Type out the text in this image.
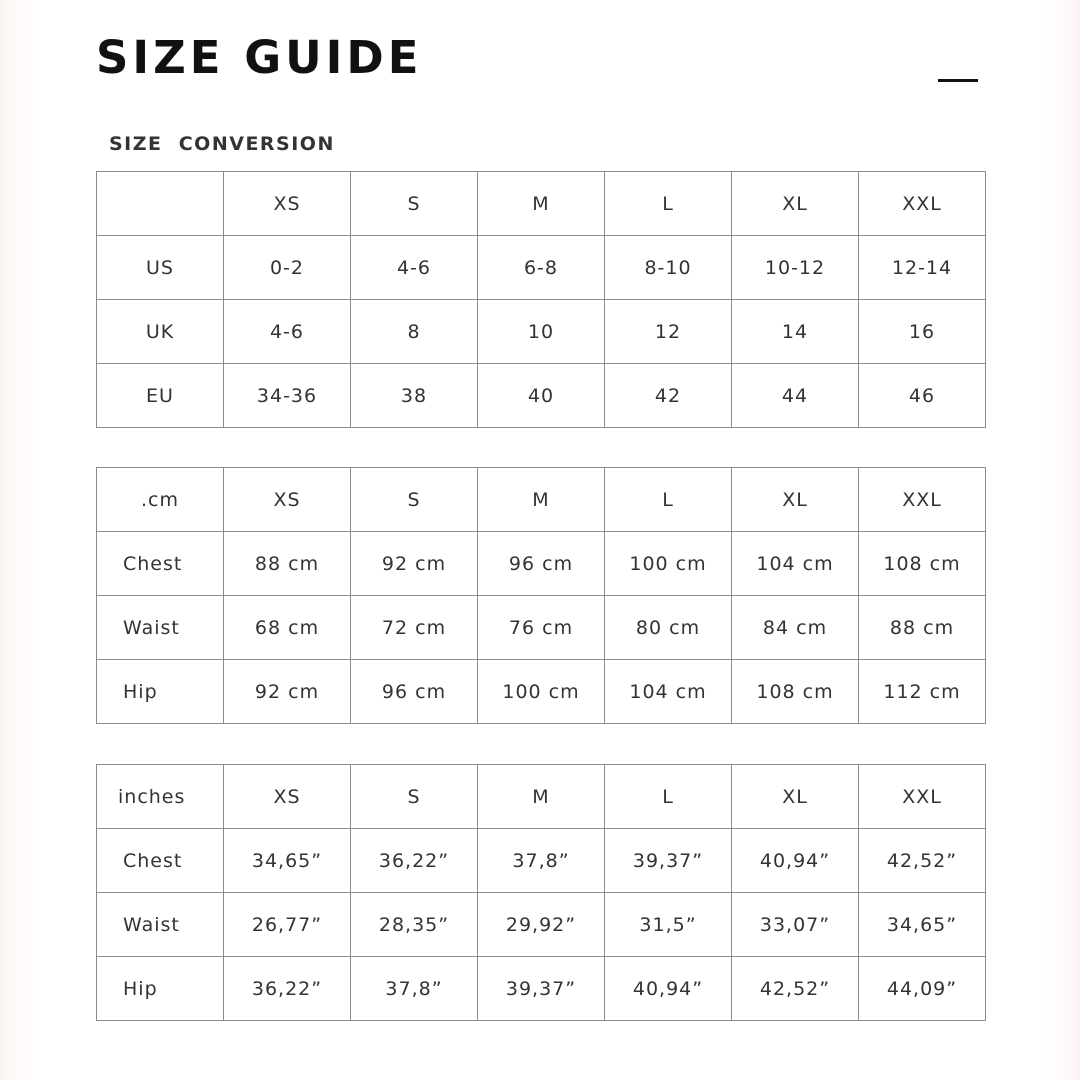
SIZE GUIDE
SIZE  CONVERSION
	XS	S	M	L	XL	XXL
US	0-2	4-6	6-8	8-10	10-12	12-14
UK	4-6	8	10	12	14	16
EU	34-36	38	40	42	44	46
.cm	XS	S	M	L	XL	XXL
Chest	88 cm	92 cm	96 cm	100 cm	104 cm	108 cm
Waist	68 cm	72 cm	76 cm	80 cm	84 cm	88 cm
Hip	92 cm	96 cm	100 cm	104 cm	108 cm	112 cm
inches	XS	S	M	L	XL	XXL
Chest	34,65”	36,22”	37,8”	39,37”	40,94”	42,52”
Waist	26,77”	28,35”	29,92”	31,5”	33,07”	34,65”
Hip	36,22”	37,8”	39,37”	40,94”	42,52”	44,09”
